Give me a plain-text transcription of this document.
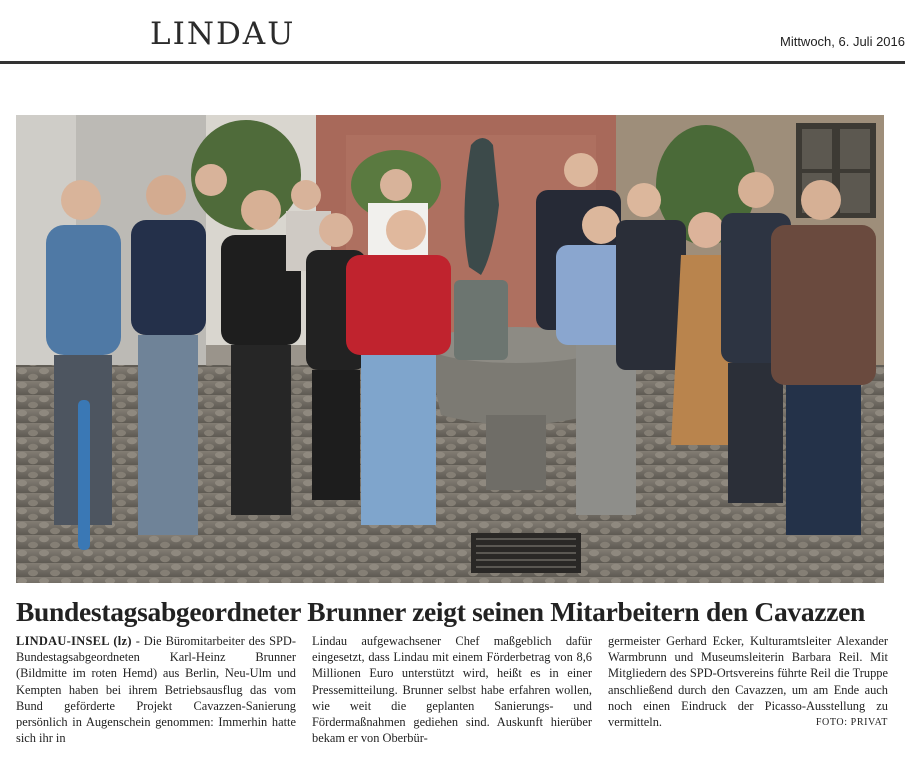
LINDAU	Mittwoch, 6. Juli 2016
Bundestagsabgeordneter Brunner zeigt seinen Mitarbeitern den Cavazzen

LINDAU-INSEL (lz) - Die Büromitarbeiter des SPD-Bundestagsabgeordneten Karl-Heinz Brunner (Bildmitte im roten Hemd) aus Berlin, Neu-Ulm und Kempten haben bei ihrem Betriebsausflug das vom Bund geförderte Projekt Cavazzen-Sanierung persönlich in Augenschein genommen: Immerhin hatte sich ihr in

Lindau aufgewachsener Chef maßgeblich dafür eingesetzt, dass Lindau mit einem Förderbetrag von 8,6 Millionen Euro unterstützt wird, heißt es in einer Pressemitteilung. Brunner selbst habe erfahren wollen, wie weit die geplanten Sanierungs- und Fördermaßnahmen gediehen sind. Auskunft hierüber bekam er von Oberbür-

germeister Gerhard Ecker, Kulturamtsleiter Alexander Warmbrunn und Museumsleiterin Barbara Reil. Mit Mitgliedern des SPD-Ortsvereins führte Reil die Truppe anschließend durch den Cavazzen, um am Ende auch noch einen Eindruck der Picasso-Ausstellung zu vermitteln.	FOTO: PRIVAT
